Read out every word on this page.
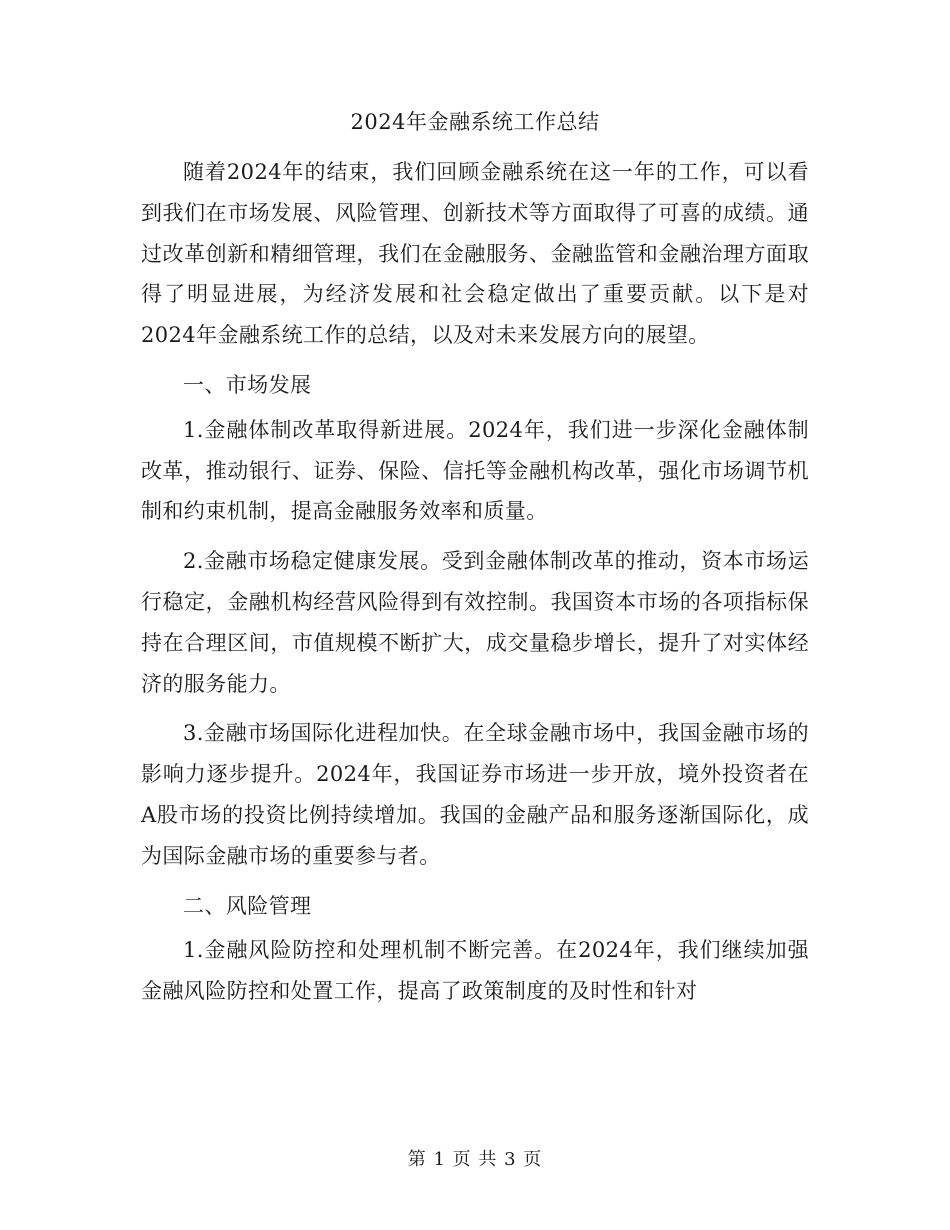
2024年金融系统工作总结

随着2024年的结束，我们回顾金融系统在这一年的工作，可以看到我们在市场发展、风险管理、创新技术等方面取得了可喜的成绩。通过改革创新和精细管理，我们在金融服务、金融监管和金融治理方面取得了明显进展，为经济发展和社会稳定做出了重要贡献。以下是对2024年金融系统工作的总结，以及对未来发展方向的展望。

一、市场发展

1.金融体制改革取得新进展。2024年，我们进一步深化金融体制改革，推动银行、证券、保险、信托等金融机构改革，强化市场调节机制和约束机制，提高金融服务效率和质量。

2.金融市场稳定健康发展。受到金融体制改革的推动，资本市场运行稳定，金融机构经营风险得到有效控制。我国资本市场的各项指标保持在合理区间，市值规模不断扩大，成交量稳步增长，提升了对实体经济的服务能力。

3.金融市场国际化进程加快。在全球金融市场中，我国金融市场的影响力逐步提升。2024年，我国证券市场进一步开放，境外投资者在A股市场的投资比例持续增加。我国的金融产品和服务逐渐国际化，成为国际金融市场的重要参与者。

二、风险管理

1.金融风险防控和处理机制不断完善。在2024年，我们继续加强金融风险防控和处置工作，提高了政策制度的及时性和针对

第 1 页 共 3 页
